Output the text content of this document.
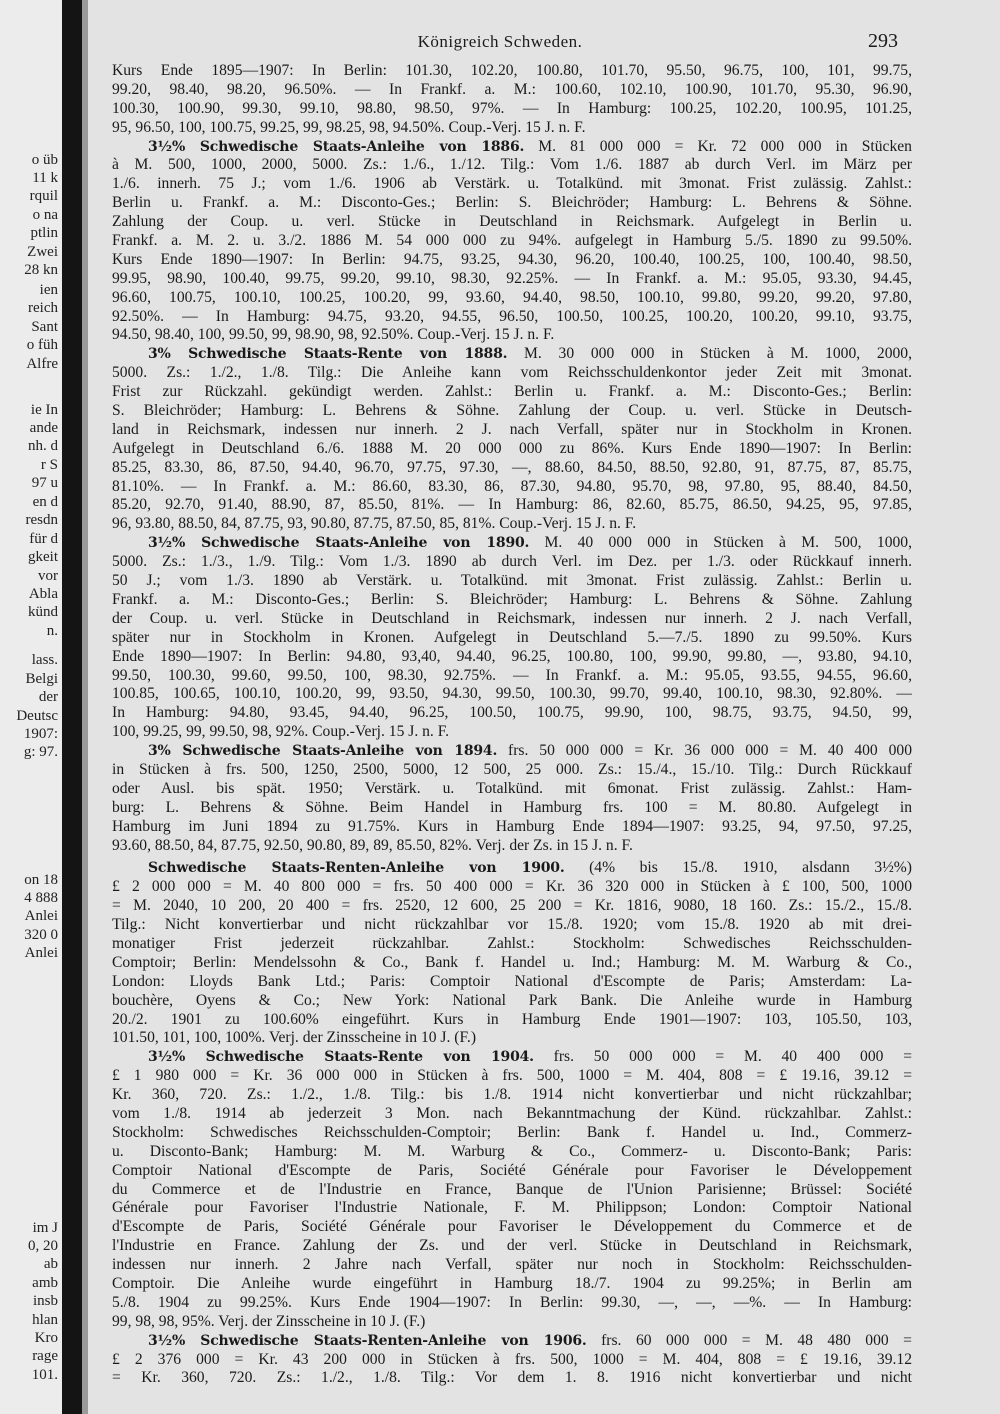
o üb
11 k
rquil
o na
ptlin
Zwei
28 kn
ien
reich
Sant
o füh
Alfre
ie In
ande
nh. d
r S
97 u
en d
resdn
für d
gkeit
vor
Abla
künd
n.
lass.
Belgi
der
Deutsc
1907:
g: 97.
on 18
4 888
Anlei
320 0
Anlei
im J
0, 20
ab
amb
insb
hlan
Kro
rage
101.
Königreich Schweden.	293
Kurs Ende 1895—1907: In Berlin: 101.30, 102.20, 100.80, 101.70, 95.50, 96.75, 100, 101, 99.75,
99.20, 98.40, 98.20, 96.50%. — In Frankf. a. M.: 100.60, 102.10, 100.90, 101.70, 95.30, 96.90,
100.30, 100.90, 99.30, 99.10, 98.80, 98.50, 97%. — In Hamburg: 100.25, 102.20, 100.95, 101.25,
95, 96.50, 100, 100.75, 99.25, 99, 98.25, 98, 94.50%. Coup.-Verj. 15 J. n. F.
3½% Schwedische Staats-Anleihe von 1886. M. 81 000 000 = Kr. 72 000 000 in Stücken
à M. 500, 1000, 2000, 5000. Zs.: 1./6., 1./12. Tilg.: Vom 1./6. 1887 ab durch Verl. im März per
1./6. innerh. 75 J.; vom 1./6. 1906 ab Verstärk. u. Totalkünd. mit 3monat. Frist zulässig. Zahlst.:
Berlin u. Frankf. a. M.: Disconto-Ges.; Berlin: S. Bleichröder; Hamburg: L. Behrens & Söhne.
Zahlung der Coup. u. verl. Stücke in Deutschland in Reichsmark. Aufgelegt in Berlin u.
Frankf. a. M. 2. u. 3./2. 1886 M. 54 000 000 zu 94%. aufgelegt in Hamburg 5./5. 1890 zu 99.50%.
Kurs Ende 1890—1907: In Berlin: 94.75, 93.25, 94.30, 96.20, 100.40, 100.25, 100, 100.40, 98.50,
99.95, 98.90, 100.40, 99.75, 99.20, 99.10, 98.30, 92.25%. — In Frankf. a. M.: 95.05, 93.30, 94.45,
96.60, 100.75, 100.10, 100.25, 100.20, 99, 93.60, 94.40, 98.50, 100.10, 99.80, 99.20, 99.20, 97.80,
92.50%. — In Hamburg: 94.75, 93.20, 94.55, 96.50, 100.50, 100.25, 100.20, 100.20, 99.10, 93.75,
94.50, 98.40, 100, 99.50, 99, 98.90, 98, 92.50%. Coup.-Verj. 15 J. n. F.
3% Schwedische Staats-Rente von 1888. M. 30 000 000 in Stücken à M. 1000, 2000,
5000. Zs.: 1./2., 1./8. Tilg.: Die Anleihe kann vom Reichsschuldenkontor jeder Zeit mit 3monat.
Frist zur Rückzahl. gekündigt werden. Zahlst.: Berlin u. Frankf. a. M.: Disconto-Ges.; Berlin:
S. Bleichröder; Hamburg: L. Behrens & Söhne. Zahlung der Coup. u. verl. Stücke in Deutsch-
land in Reichsmark, indessen nur innerh. 2 J. nach Verfall, später nur in Stockholm in Kronen.
Aufgelegt in Deutschland 6./6. 1888 M. 20 000 000 zu 86%. Kurs Ende 1890—1907: In Berlin:
85.25, 83.30, 86, 87.50, 94.40, 96.70, 97.75, 97.30, —, 88.60, 84.50, 88.50, 92.80, 91, 87.75, 87, 85.75,
81.10%. — In Frankf. a. M.: 86.60, 83.30, 86, 87.30, 94.80, 95.70, 98, 97.80, 95, 88.40, 84.50,
85.20, 92.70, 91.40, 88.90, 87, 85.50, 81%. — In Hamburg: 86, 82.60, 85.75, 86.50, 94.25, 95, 97.85,
96, 93.80, 88.50, 84, 87.75, 93, 90.80, 87.75, 87.50, 85, 81%. Coup.-Verj. 15 J. n. F.
3½% Schwedische Staats-Anleihe von 1890. M. 40 000 000 in Stücken à M. 500, 1000,
5000. Zs.: 1./3., 1./9. Tilg.: Vom 1./3. 1890 ab durch Verl. im Dez. per 1./3. oder Rückkauf innerh.
50 J.; vom 1./3. 1890 ab Verstärk. u. Totalkünd. mit 3monat. Frist zulässig. Zahlst.: Berlin u.
Frankf. a. M.: Disconto-Ges.; Berlin: S. Bleichröder; Hamburg: L. Behrens & Söhne. Zahlung
der Coup. u. verl. Stücke in Deutschland in Reichsmark, indessen nur innerh. 2 J. nach Verfall,
später nur in Stockholm in Kronen. Aufgelegt in Deutschland 5.—7./5. 1890 zu 99.50%. Kurs
Ende 1890—1907: In Berlin: 94.80, 93,40, 94.40, 96.25, 100.80, 100, 99.90, 99.80, —, 93.80, 94.10,
99.50, 100.30, 99.60, 99.50, 100, 98.30, 92.75%. — In Frankf. a. M.: 95.05, 93.55, 94.55, 96.60,
100.85, 100.65, 100.10, 100.20, 99, 93.50, 94.30, 99.50, 100.30, 99.70, 99.40, 100.10, 98.30, 92.80%. —
In Hamburg: 94.80, 93.45, 94.40, 96.25, 100.50, 100.75, 99.90, 100, 98.75, 93.75, 94.50, 99,
100, 99.25, 99, 99.50, 98, 92%. Coup.-Verj. 15 J. n. F.
3% Schwedische Staats-Anleihe von 1894. frs. 50 000 000 = Kr. 36 000 000 = M. 40 400 000
in Stücken à frs. 500, 1250, 2500, 5000, 12 500, 25 000. Zs.: 15./4., 15./10. Tilg.: Durch Rückkauf
oder Ausl. bis spät. 1950; Verstärk. u. Totalkünd. mit 6monat. Frist zulässig. Zahlst.: Ham-
burg: L. Behrens & Söhne. Beim Handel in Hamburg frs. 100 = M. 80.80. Aufgelegt in
Hamburg im Juni 1894 zu 91.75%. Kurs in Hamburg Ende 1894—1907: 93.25, 94, 97.50, 97.25,
93.60, 88.50, 84, 87.75, 92.50, 90.80, 89, 89, 85.50, 82%. Verj. der Zs. in 15 J. n. F.
Schwedische Staats-Renten-Anleihe von 1900. (4% bis 15./8. 1910, alsdann 3½%)
£ 2 000 000 = M. 40 800 000 = frs. 50 400 000 = Kr. 36 320 000 in Stücken à £ 100, 500, 1000
= M. 2040, 10 200, 20 400 = frs. 2520, 12 600, 25 200 = Kr. 1816, 9080, 18 160. Zs.: 15./2., 15./8.
Tilg.: Nicht konvertierbar und nicht rückzahlbar vor 15./8. 1920; vom 15./8. 1920 ab mit drei-
monatiger Frist jederzeit rückzahlbar. Zahlst.: Stockholm: Schwedisches Reichsschulden-
Comptoir; Berlin: Mendelssohn & Co., Bank f. Handel u. Ind.; Hamburg: M. M. Warburg & Co.,
London: Lloyds Bank Ltd.; Paris: Comptoir National d'Escompte de Paris; Amsterdam: La-
bouchère, Oyens & Co.; New York: National Park Bank. Die Anleihe wurde in Hamburg
20./2. 1901 zu 100.60% eingeführt. Kurs in Hamburg Ende 1901—1907: 103, 105.50, 103,
101.50, 101, 100, 100%. Verj. der Zinsscheine in 10 J. (F.)
3½% Schwedische Staats-Rente von 1904. frs. 50 000 000 = M. 40 400 000 =
£ 1 980 000 = Kr. 36 000 000 in Stücken à frs. 500, 1000 = M. 404, 808 = £ 19.16, 39.12 =
Kr. 360, 720. Zs.: 1./2., 1./8. Tilg.: bis 1./8. 1914 nicht konvertierbar und nicht rückzahlbar;
vom 1./8. 1914 ab jederzeit 3 Mon. nach Bekanntmachung der Künd. rückzahlbar. Zahlst.:
Stockholm: Schwedisches Reichsschulden-Comptoir; Berlin: Bank f. Handel u. Ind., Commerz-
u. Disconto-Bank; Hamburg: M. M. Warburg & Co., Commerz- u. Disconto-Bank; Paris:
Comptoir National d'Escompte de Paris, Société Générale pour Favoriser le Développement
du Commerce et de l'Industrie en France, Banque de l'Union Parisienne; Brüssel: Société
Générale pour Favoriser l'Industrie Nationale, F. M. Philippson; London: Comptoir National
d'Escompte de Paris, Société Générale pour Favoriser le Développement du Commerce et de
l'Industrie en France. Zahlung der Zs. und der verl. Stücke in Deutschland in Reichsmark,
indessen nur innerh. 2 Jahre nach Verfall, später nur noch in Stockholm: Reichsschulden-
Comptoir. Die Anleihe wurde eingeführt in Hamburg 18./7. 1904 zu 99.25%; in Berlin am
5./8. 1904 zu 99.25%. Kurs Ende 1904—1907: In Berlin: 99.30, —, —, —%. — In Hamburg:
99, 98, 98, 95%. Verj. der Zinsscheine in 10 J. (F.)
3½% Schwedische Staats-Renten-Anleihe von 1906. frs. 60 000 000 = M. 48 480 000 =
£ 2 376 000 = Kr. 43 200 000 in Stücken à frs. 500, 1000 = M. 404, 808 = £ 19.16, 39.12
= Kr. 360, 720. Zs.: 1./2., 1./8. Tilg.: Vor dem 1. 8. 1916 nicht konvertierbar und nicht
